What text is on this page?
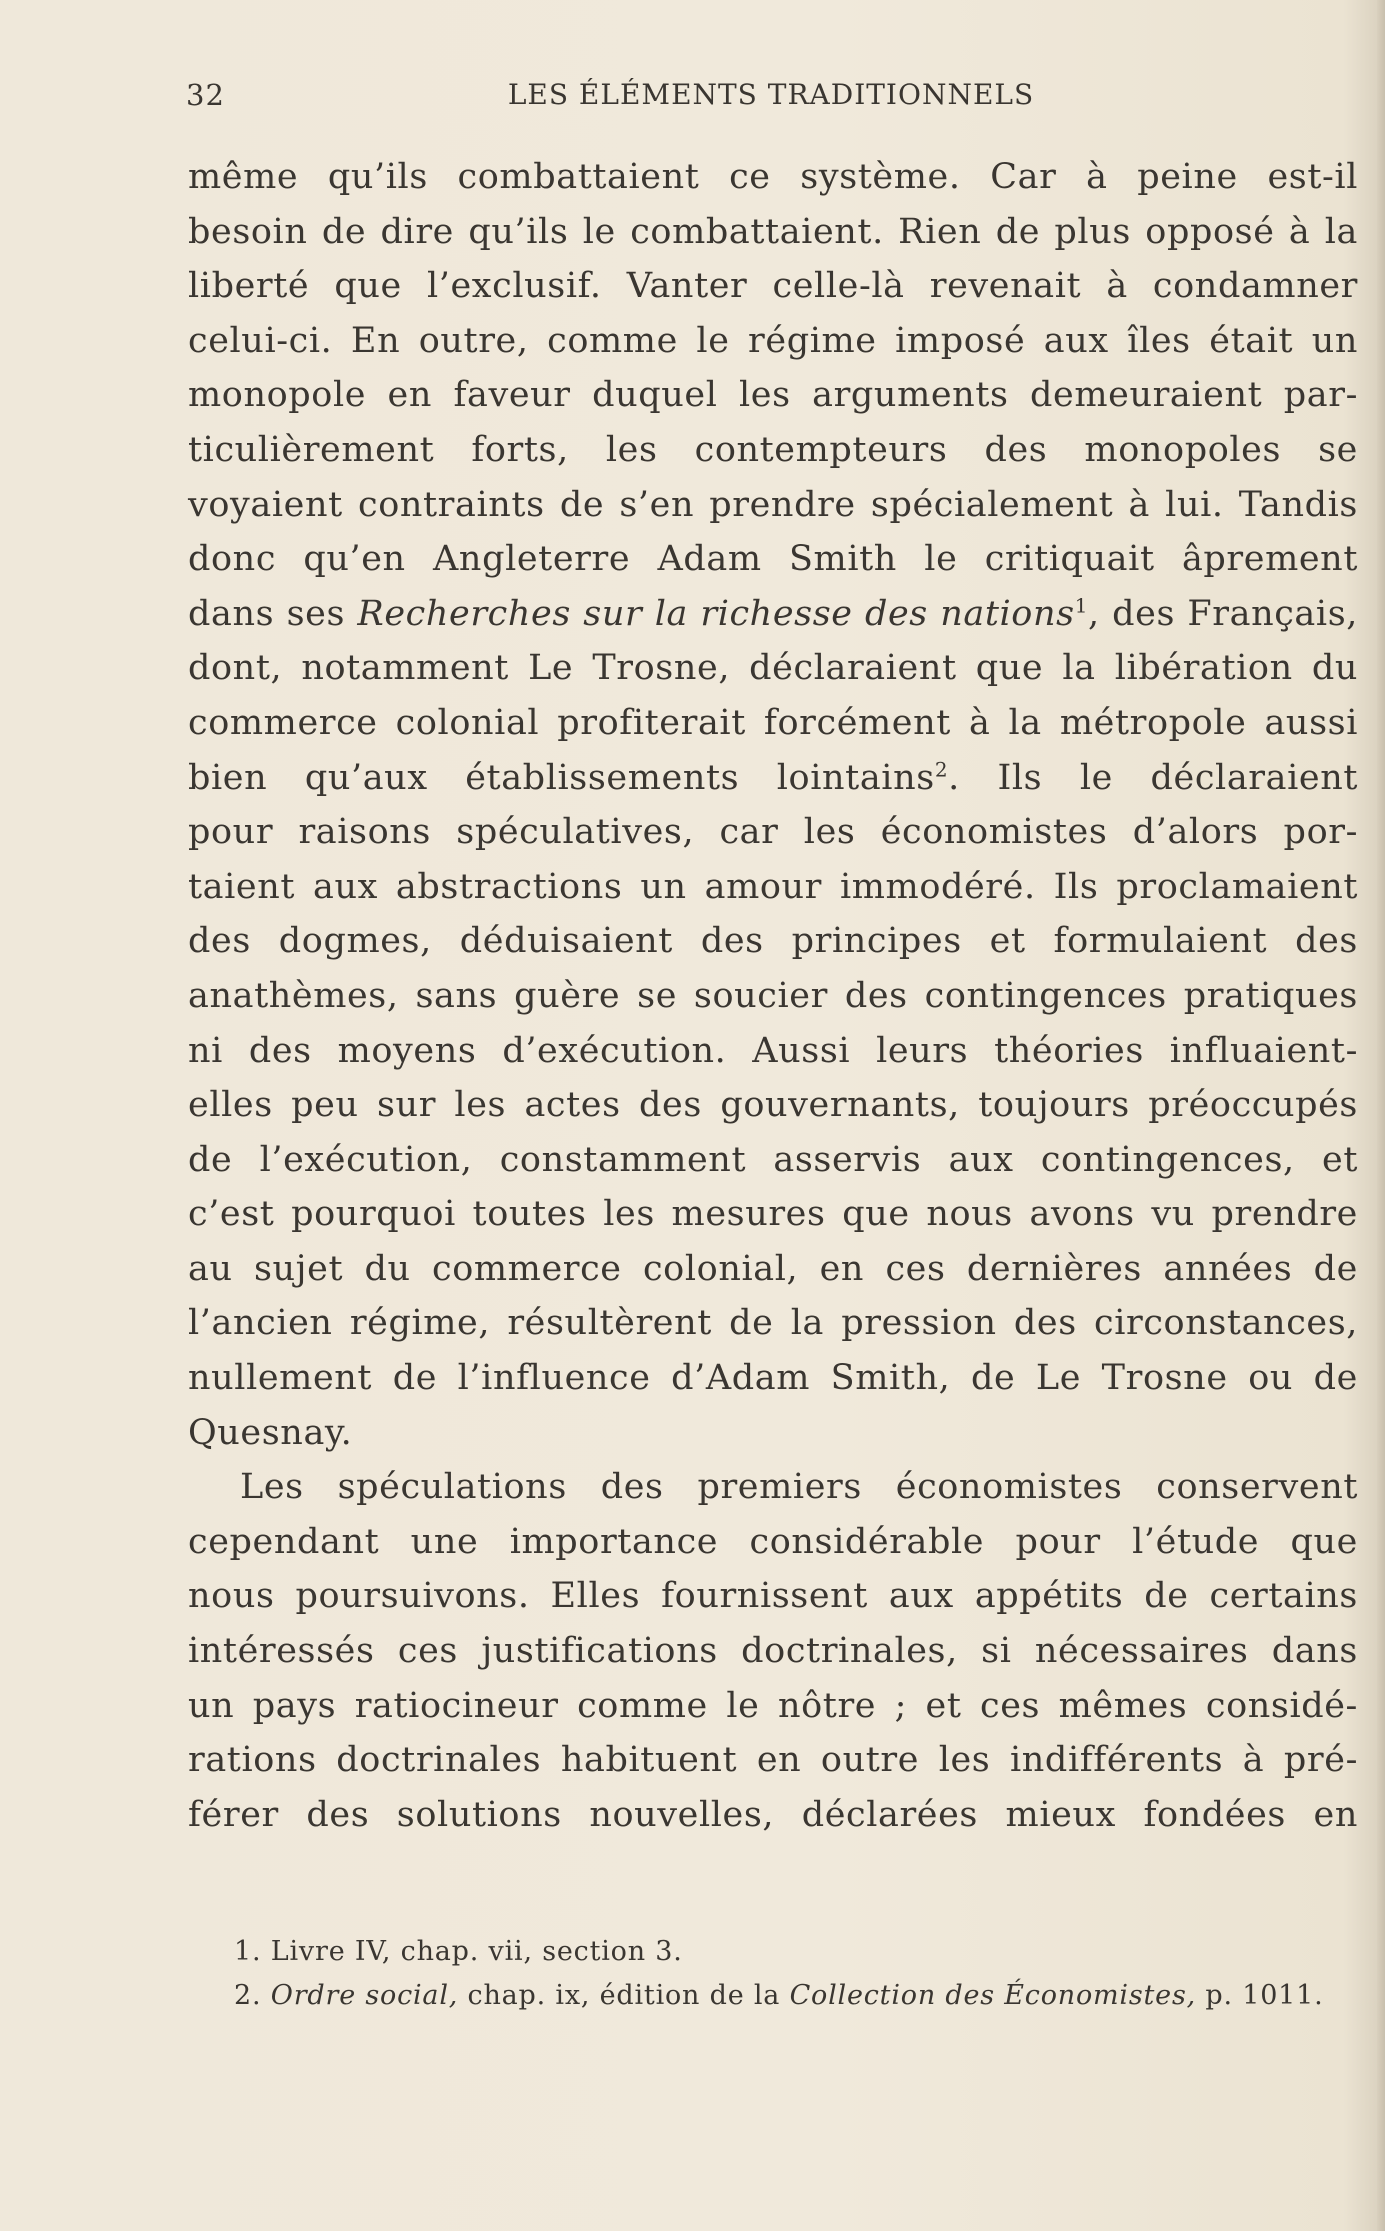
32	LES ÉLÉMENTS TRADITIONNELS
même qu’ils combattaient ce système. Car à peine est-il
besoin de dire qu’ils le combattaient. Rien de plus opposé à la
liberté que l’exclusif. Vanter celle-là revenait à condamner
celui-ci. En outre, comme le régime imposé aux îles était un
monopole en faveur duquel les arguments demeuraient par-
ticulièrement forts, les contempteurs des monopoles se
voyaient contraints de s’en prendre spécialement à lui. Tandis
donc qu’en Angleterre Adam Smith le critiquait âprement
dans ses Recherches sur la richesse des nations$^1$, des Français,
dont, notamment Le Trosne, déclaraient que la libération du
commerce colonial profiterait forcément à la métropole aussi
bien qu’aux établissements lointains$^2$. Ils le déclaraient
pour raisons spéculatives, car les économistes d’alors por-
taient aux abstractions un amour immodéré. Ils proclamaient
des dogmes, déduisaient des principes et formulaient des
anathèmes, sans guère se soucier des contingences pratiques
ni des moyens d’exécution. Aussi leurs théories influaient-
elles peu sur les actes des gouvernants, toujours préoccupés
de l’exécution, constamment asservis aux contingences, et
c’est pourquoi toutes les mesures que nous avons vu prendre
au sujet du commerce colonial, en ces dernières années de
l’ancien régime, résultèrent de la pression des circonstances,
nullement de l’influence d’Adam Smith, de Le Trosne ou de
Quesnay.
Les spéculations des premiers économistes conservent
cependant une importance considérable pour l’étude que
nous poursuivons. Elles fournissent aux appétits de certains
intéressés ces justifications doctrinales, si nécessaires dans
un pays ratiocineur comme le nôtre ; et ces mêmes considé-
rations doctrinales habituent en outre les indifférents à pré-
férer des solutions nouvelles, déclarées mieux fondées en
1. Livre IV, chap. vii, section 3.
2. Ordre social, chap. ix, édition de la Collection des Économistes, p. 1011.
